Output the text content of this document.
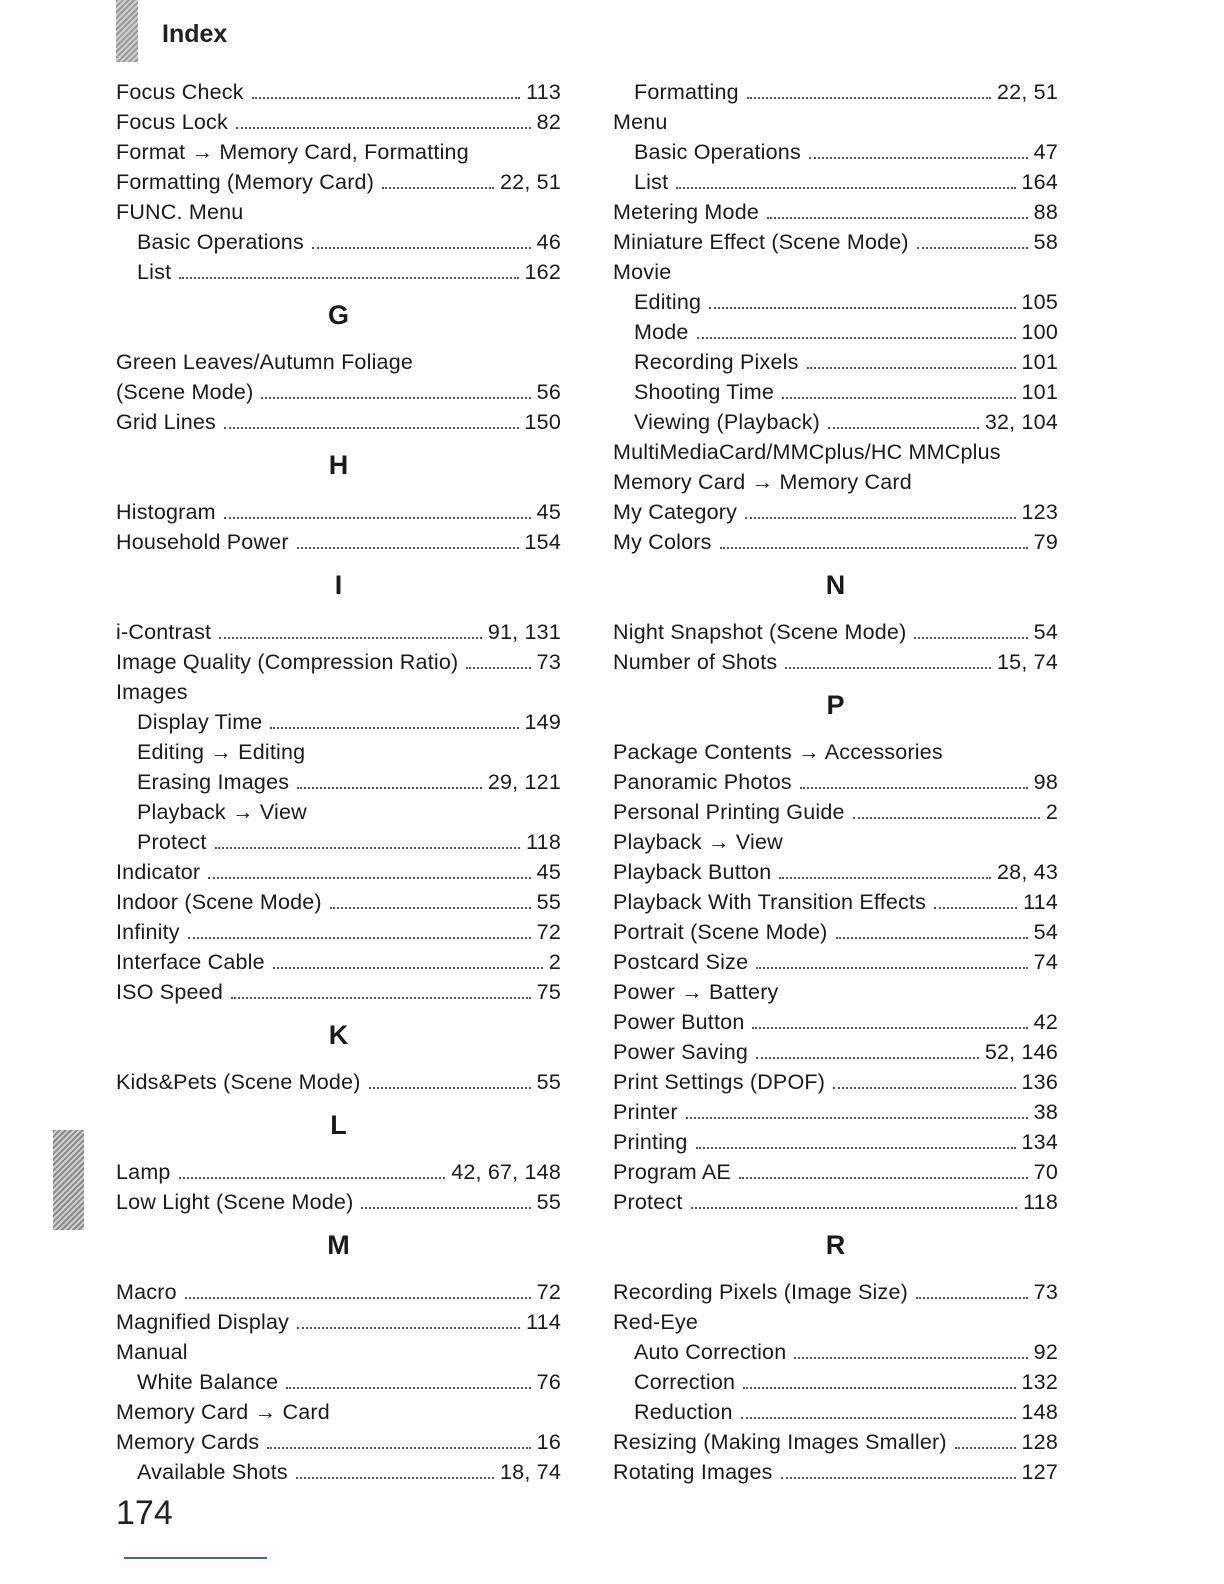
Index
Focus Check	113
Focus Lock	82
Format → Memory Card, Formatting
Formatting (Memory Card)	22, 51
FUNC. Menu
Basic Operations	46
List	162
G
Green Leaves/Autumn Foliage
(Scene Mode)	56
Grid Lines	150
H
Histogram	45
Household Power	154
I
i-Contrast	91, 131
Image Quality (Compression Ratio)	73
Images
Display Time	149
Editing → Editing
Erasing Images	29, 121
Playback → View
Protect	118
Indicator	45
Indoor (Scene Mode)	55
Infinity	72
Interface Cable	2
ISO Speed	75
K
Kids&Pets (Scene Mode)	55
L
Lamp	42, 67, 148
Low Light (Scene Mode)	55
M
Macro	72
Magnified Display	114
Manual
White Balance	76
Memory Card → Card
Memory Cards	16
Available Shots	18, 74
Formatting	22, 51
Menu
Basic Operations	47
List	164
Metering Mode	88
Miniature Effect (Scene Mode)	58
Movie
Editing	105
Mode	100
Recording Pixels	101
Shooting Time	101
Viewing (Playback)	32, 104
MultiMediaCard/MMCplus/HC MMCplus
Memory Card → Memory Card
My Category	123
My Colors	79
N
Night Snapshot (Scene Mode)	54
Number of Shots	15, 74
P
Package Contents → Accessories
Panoramic Photos	98
Personal Printing Guide	2
Playback → View
Playback Button	28, 43
Playback With Transition Effects	114
Portrait (Scene Mode)	54
Postcard Size	74
Power → Battery
Power Button	42
Power Saving	52, 146
Print Settings (DPOF)	136
Printer	38
Printing	134
Program AE	70
Protect	118
R
Recording Pixels (Image Size)	73
Red-Eye
Auto Correction	92
Correction	132
Reduction	148
Resizing (Making Images Smaller)	128
Rotating Images	127
174
